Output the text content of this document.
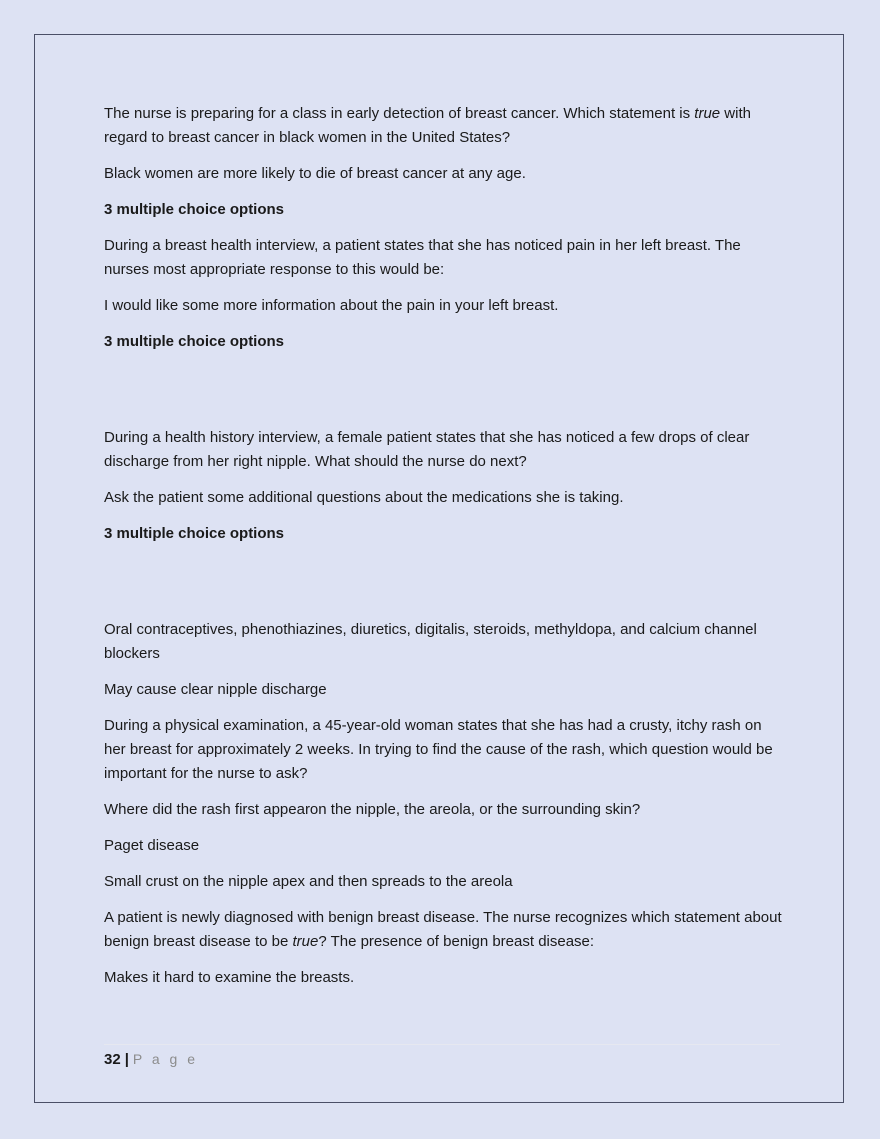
The nurse is preparing for a class in early detection of breast cancer. Which statement is true with regard to breast cancer in black women in the United States?

Black women are more likely to die of breast cancer at any age.

3 multiple choice options

During a breast health interview, a patient states that she has noticed pain in her left breast. The nurses most appropriate response to this would be:

I would like some more information about the pain in your left breast.

3 multiple choice options

During a health history interview, a female patient states that she has noticed a few drops of clear discharge from her right nipple. What should the nurse do next?

Ask the patient some additional questions about the medications she is taking.

3 multiple choice options

Oral contraceptives, phenothiazines, diuretics, digitalis, steroids, methyldopa, and calcium channel blockers

May cause clear nipple discharge

During a physical examination, a 45-year-old woman states that she has had a crusty, itchy rash on her breast for approximately 2 weeks. In trying to find the cause of the rash, which question would be important for the nurse to ask?

Where did the rash first appearon the nipple, the areola, or the surrounding skin?

Paget disease

Small crust on the nipple apex and then spreads to the areola

A patient is newly diagnosed with benign breast disease. The nurse recognizes which statement about benign breast disease to be true? The presence of benign breast disease:

Makes it hard to examine the breasts.

32 | P a g e
